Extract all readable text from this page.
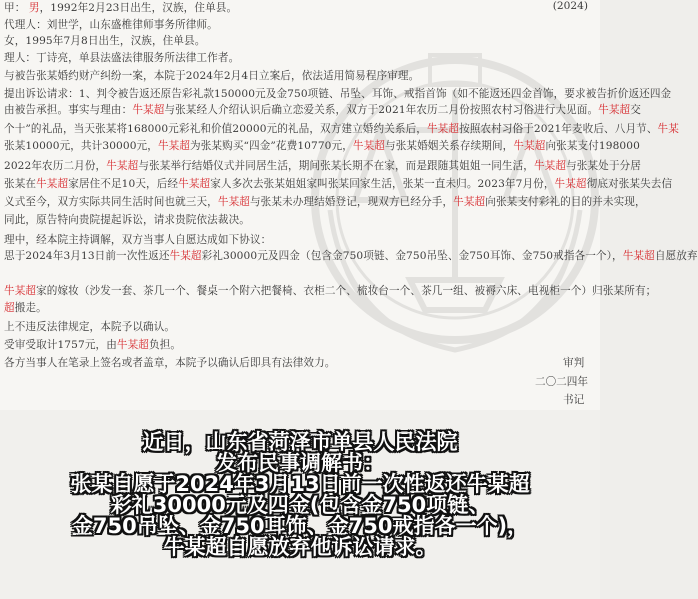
(2024)
甲： 男，1992年2月23日出生，汉族，住单县。
代理人：刘世学，山东盛椎律师事务所律师。
女，1995年7月8日出生，汉族，住单县。
理人：丁诗亮，单县法盛法律服务所法律工作者。
与被告张某婚约财产纠纷一案，本院于2024年2月4日立案后，依法适用简易程序审理。
提出诉讼请求：1、判令被告返还原告彩礼款150000元及金750项链、吊坠、耳饰、戒指首饰（如不能返还四金首饰，要求被告折价返还四金
由被告承担。事实与理由：牛某超与张某经人介绍认识后确立恋爱关系，双方于2021年农历二月份按照农村习俗进行大见面。牛某超交
个十”的礼品，当天张某将168000元彩礼和价值20000元的礼品，双方建立婚约关系后，牛某超按照农村习俗于2021年麦收后、八月节、牛某
张某10000元，共计30000元，牛某超为张某购买“四金”花费10770元，牛某超与张某婚姻关系存续期间，牛某超向张某支付198000
2022年农历二月份，牛某超与张某举行结婚仪式并同居生活，期间张某长期不在家，而是跟随其姐姐一同生活，牛某超与张某处于分居
张某在牛某超家居住不足10天，后经牛某超家人多次去张某姐姐家叫张某回家生活，张某一直未归。2023年7月份，牛某超彻底对张某失去信
义式至今，双方实际共同生活时间也就三天，牛某超与张某未办理结婚登记，现双方已经分手，牛某超向张某支付彩礼的目的并未实现，
同此，原告特向贵院提起诉讼，请求贵院依法裁决。
理中，经本院主持调解，双方当事人自愿达成如下协议：
思于2024年3月13日前一次性返还牛某超彩礼30000元及四金（包含金750项链、金750吊坠、金750耳饰、金750戒指各一个），牛某超自愿放弃
牛某超家的嫁妆（沙发一套、茶几一个、餐桌一个附六把餐椅、衣柜二个、梳妆台一个、茶几一组、被褥六床、电视柜一个）归张某所有；
超搬走。
上不违反法律规定，本院予以确认。
受审受取计1757元，由牛某超负担。
各方当事人在笔录上签名或者盖章，本院予以确认后即具有法律效力。	审判
二〇二四年
书记
近日，山东省菏泽市单县人民法院
发布民事调解书：
张某自愿于2024年3月13日前一次性返还牛某超
彩礼30000元及四金(包含金750项链、
金750吊坠、金750耳饰、金750戒指各一个)，
牛某超自愿放弃他诉讼请求。
